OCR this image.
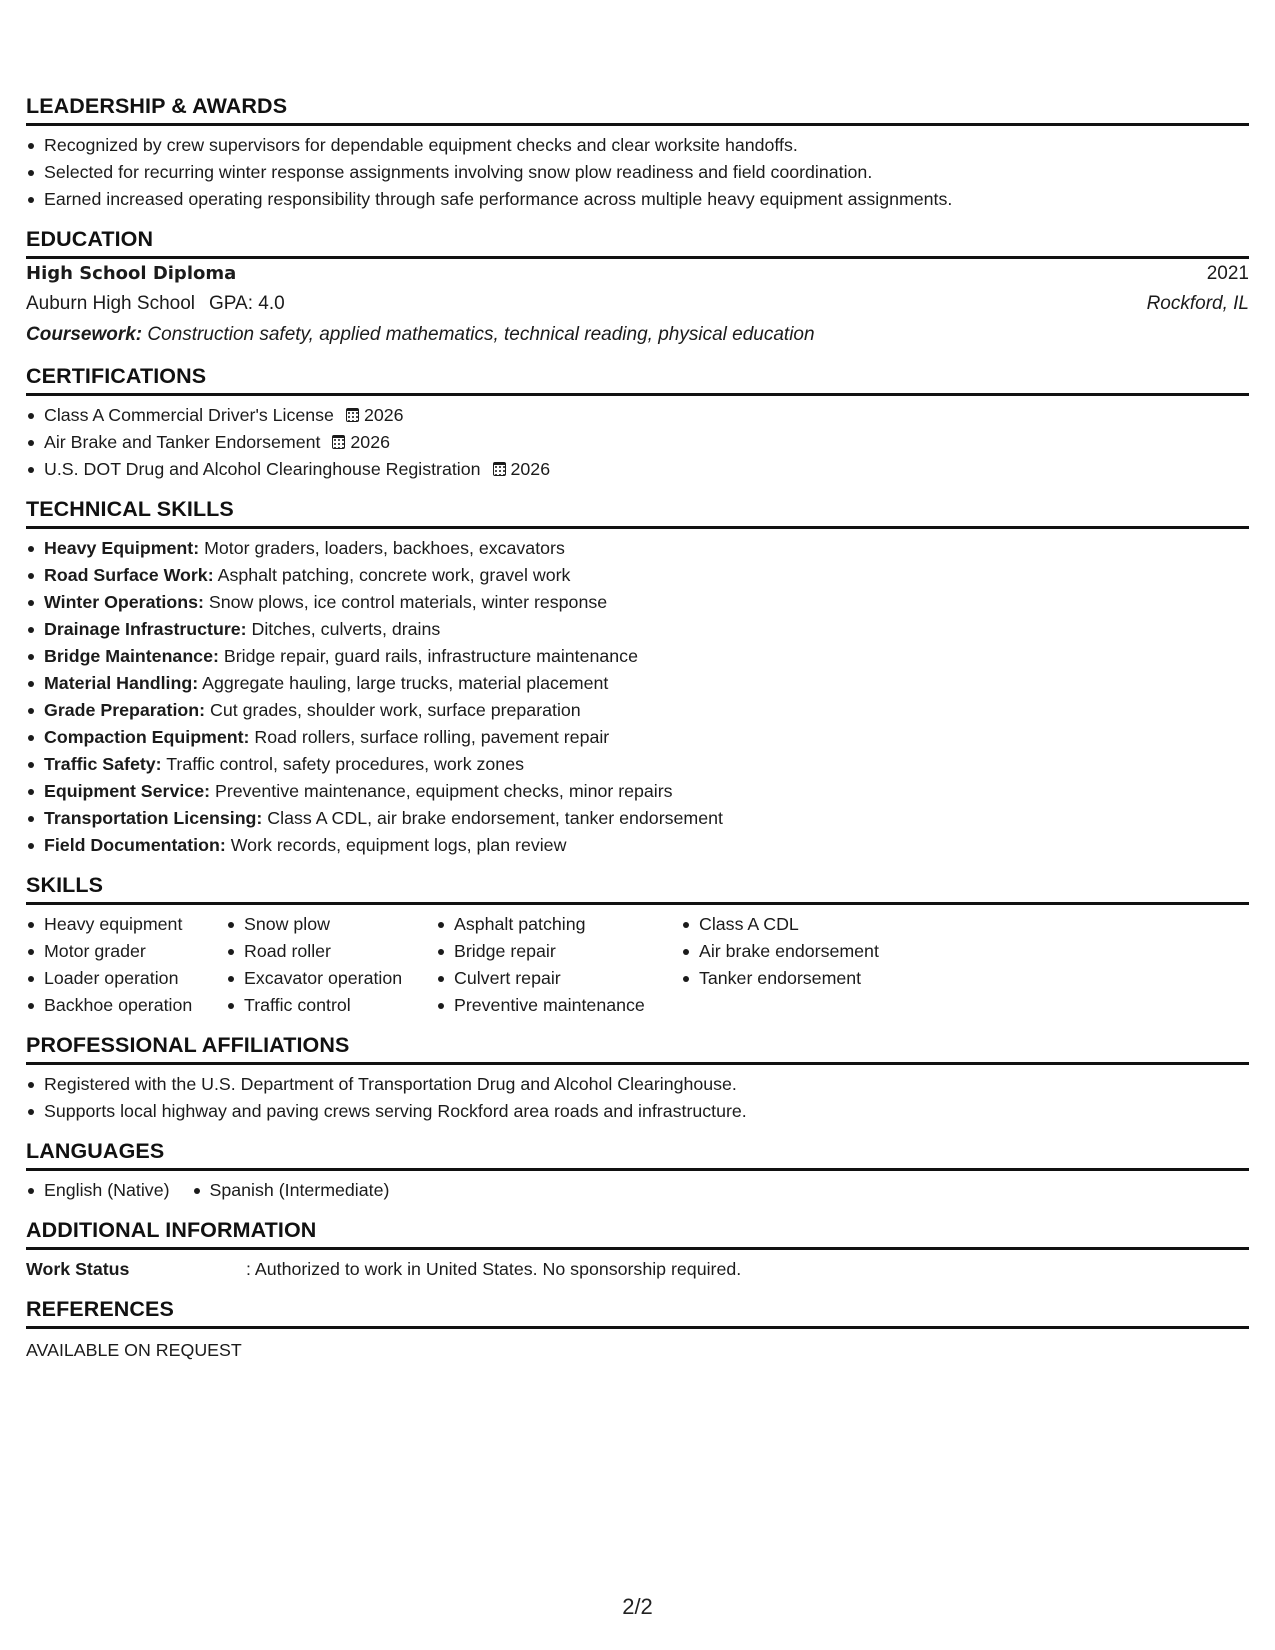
LEADERSHIP & AWARDS
Recognized by crew supervisors for dependable equipment checks and clear worksite handoffs.
Selected for recurring winter response assignments involving snow plow readiness and field coordination.
Earned increased operating responsibility through safe performance across multiple heavy equipment assignments.
EDUCATION
High School Diploma	2021
Auburn High School GPA: 4.0	Rockford, IL
Coursework: Construction safety, applied mathematics, technical reading, physical education
CERTIFICATIONS
Class A Commercial Driver's License 2026
Air Brake and Tanker Endorsement 2026
U.S. DOT Drug and Alcohol Clearinghouse Registration 2026
TECHNICAL SKILLS
Heavy Equipment: Motor graders, loaders, backhoes, excavators
Road Surface Work: Asphalt patching, concrete work, gravel work
Winter Operations: Snow plows, ice control materials, winter response
Drainage Infrastructure: Ditches, culverts, drains
Bridge Maintenance: Bridge repair, guard rails, infrastructure maintenance
Material Handling: Aggregate hauling, large trucks, material placement
Grade Preparation: Cut grades, shoulder work, surface preparation
Compaction Equipment: Road rollers, surface rolling, pavement repair
Traffic Safety: Traffic control, safety procedures, work zones
Equipment Service: Preventive maintenance, equipment checks, minor repairs
Transportation Licensing: Class A CDL, air brake endorsement, tanker endorsement
Field Documentation: Work records, equipment logs, plan review
SKILLS
Heavy equipment
Motor grader
Loader operation
Backhoe operation
Snow plow
Road roller
Excavator operation
Traffic control
Asphalt patching
Bridge repair
Culvert repair
Preventive maintenance
Class A CDL
Air brake endorsement
Tanker endorsement
PROFESSIONAL AFFILIATIONS
Registered with the U.S. Department of Transportation Drug and Alcohol Clearinghouse.
Supports local highway and paving crews serving Rockford area roads and infrastructure.
LANGUAGES
English (Native)	Spanish (Intermediate)
ADDITIONAL INFORMATION
Work Status	: Authorized to work in United States. No sponsorship required.
REFERENCES
AVAILABLE ON REQUEST
2/2
